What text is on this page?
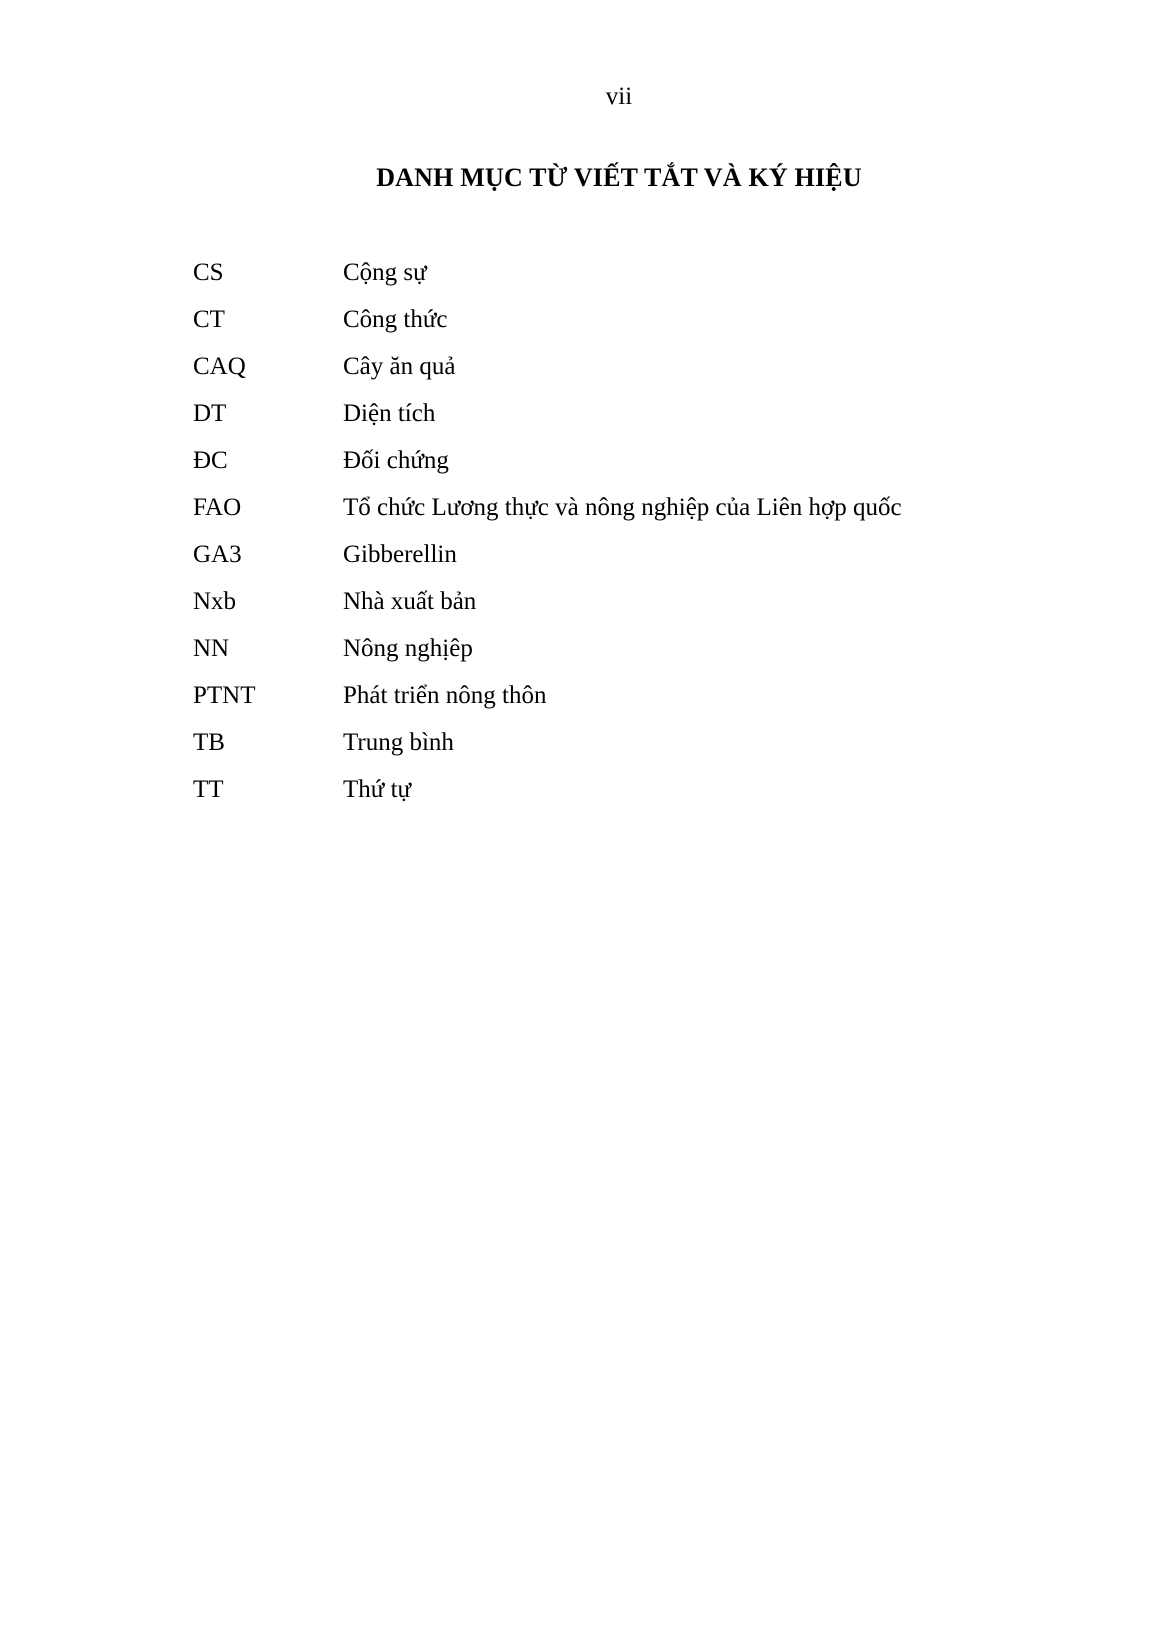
vii
DANH MỤC TỪ VIẾT TẮT VÀ KÝ HIỆU
CS	Cộng sự
CT	Công thức
CAQ	Cây ăn quả
DT	Diện tích
ĐC	Đối chứng
FAO	Tổ chức Lương thực và nông nghiệp của Liên hợp quốc
GA3	Gibberellin
Nxb	Nhà xuất bản
NN	Nông nghịêp
PTNT	Phát triển nông thôn
TB	Trung bình
TT	Thứ tự
